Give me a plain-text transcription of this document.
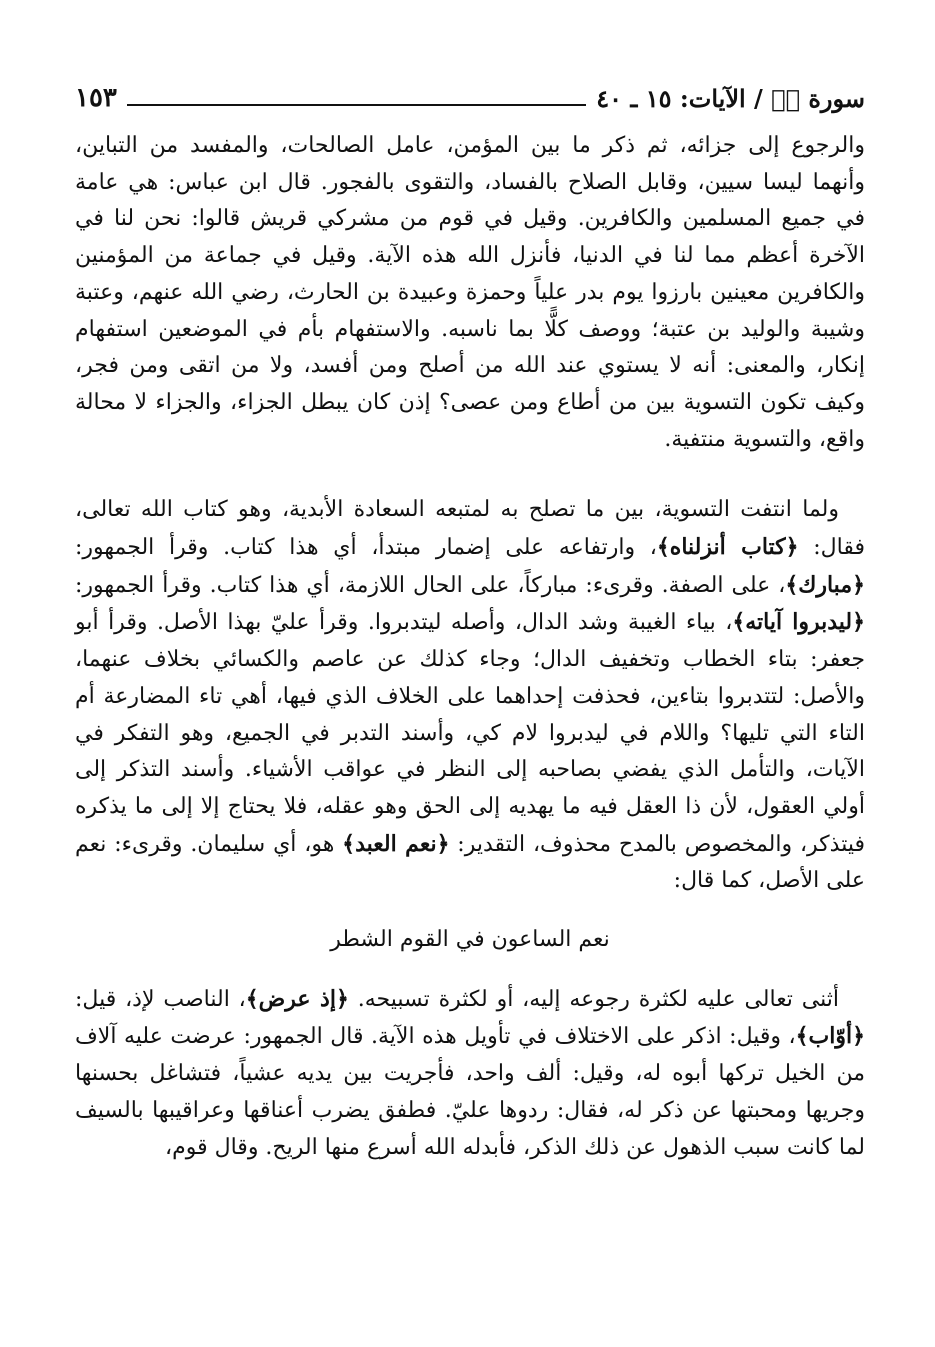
١٥٣	سورة صۤ / الآيات: ١٥ ـ ٤٠

والرجوع إلى جزائه، ثم ذكر ما بين المؤمن، عامل الصالحات، والمفسد من التباين، وأنهما ليسا سيين، وقابل الصلاح بالفساد، والتقوى بالفجور. قال ابن عباس: هي عامة في جميع المسلمين والكافرين. وقيل في قوم من مشركي قريش قالوا: نحن لنا في الآخرة أعظم مما لنا في الدنيا، فأنزل الله هذه الآية. وقيل في جماعة من المؤمنين والكافرين معينين بارزوا يوم بدر علياً وحمزة وعبيدة بن الحارث، رضي الله عنهم، وعتبة وشيبة والوليد بن عتبة؛ ووصف كلًّا بما ناسبه. والاستفهام بأم في الموضعين استفهام إنكار، والمعنى: أنه لا يستوي عند الله من أصلح ومن أفسد، ولا من اتقى ومن فجر، وكيف تكون التسوية بين من أطاع ومن عصى؟ إذن كان يبطل الجزاء، والجزاء لا محالة واقع، والتسوية منتفية.

ولما انتفت التسوية، بين ما تصلح به لمتبعه السعادة الأبدية، وهو كتاب الله تعالى، فقال: ﴿كتاب أنزلناه﴾، وارتفاعه على إضمار مبتدأ، أي هذا كتاب. وقرأ الجمهور: ﴿مبارك﴾، على الصفة. وقرىء: مباركاً، على الحال اللازمة، أي هذا كتاب. وقرأ الجمهور: ﴿ليدبروا آياته﴾، بياء الغيبة وشد الدال، وأصله ليتدبروا. وقرأ عليّ بهذا الأصل. وقرأ أبو جعفر: بتاء الخطاب وتخفيف الدال؛ وجاء كذلك عن عاصم والكسائي بخلاف عنهما، والأصل: لتتدبروا بتاءين، فحذفت إحداهما على الخلاف الذي فيها، أهي تاء المضارعة أم التاء التي تليها؟ واللام في ليدبروا لام كي، وأسند التدبر في الجميع، وهو التفكر في الآيات، والتأمل الذي يفضي بصاحبه إلى النظر في عواقب الأشياء. وأسند التذكر إلى أولي العقول، لأن ذا العقل فيه ما يهديه إلى الحق وهو عقله، فلا يحتاج إلا إلى ما يذكره فيتذكر، والمخصوص بالمدح محذوف، التقدير: ﴿نعم العبد﴾ هو، أي سليمان. وقرىء: نعم على الأصل، كما قال:

نعم الساعون في القوم الشطر

أثنى تعالى عليه لكثرة رجوعه إليه، أو لكثرة تسبيحه. ﴿إذ عرض﴾، الناصب لإذ، قيل: ﴿أوّاب﴾، وقيل: اذكر على الاختلاف في تأويل هذه الآية. قال الجمهور: عرضت عليه آلاف من الخيل تركها أبوه له، وقيل: ألف واحد، فأجريت بين يديه عشياً، فتشاغل بحسنها وجريها ومحبتها عن ذكر له، فقال: ردوها عليّ. فطفق يضرب أعناقها وعراقيبها بالسيف لما كانت سبب الذهول عن ذلك الذكر، فأبدله الله أسرع منها الريح. وقال قوم،
